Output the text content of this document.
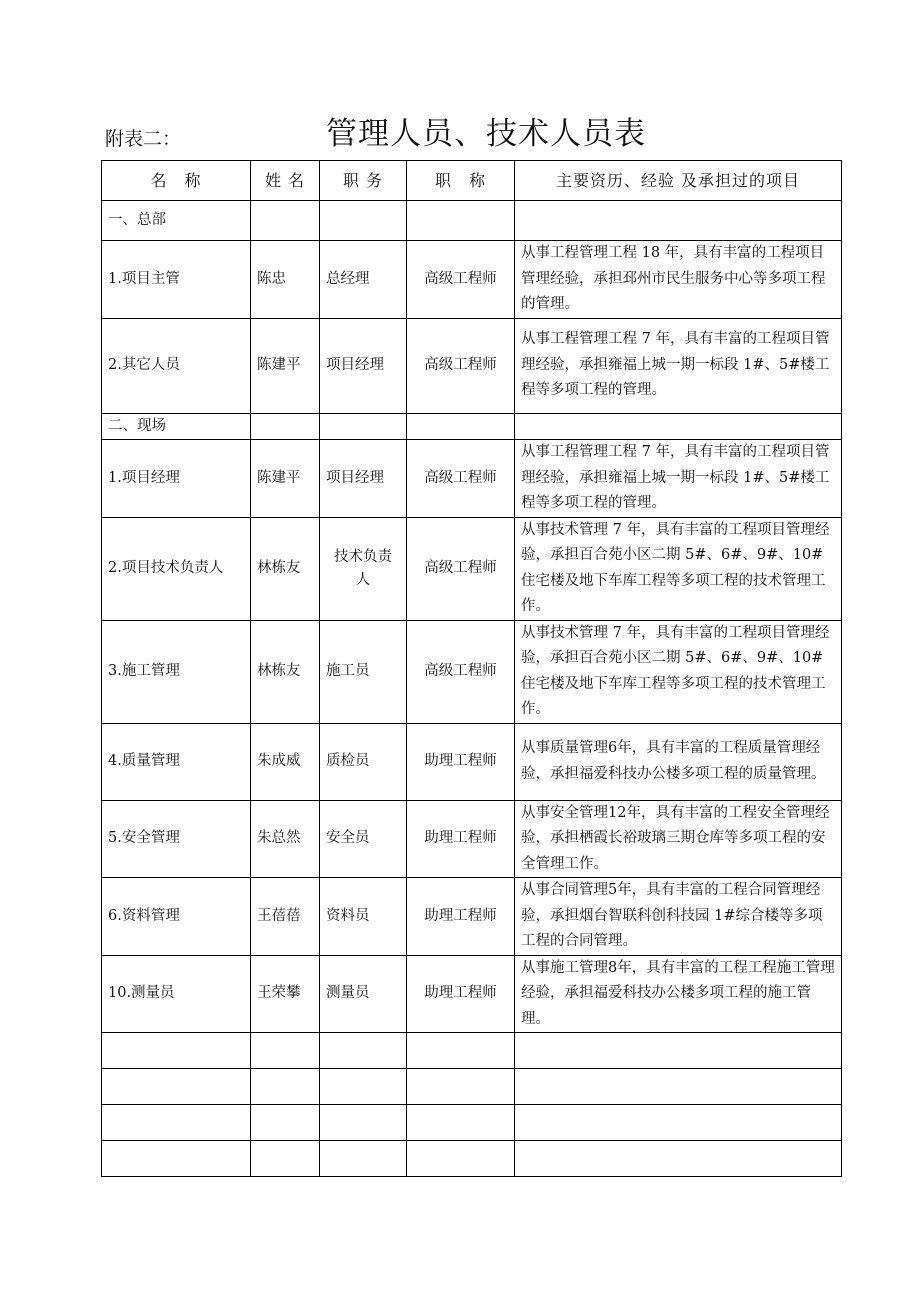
附表二：	管理人员、技术人员表
名　称	姓 名	职 务	职　称	主要资历、经验 及承担过的项目
一、总部				
1.项目主管	陈忠	总经理	高级工程师	从事工程管理工程 18 年，具有丰富的工程项目管理经验，承担邳州市民生服务中心等多项工程的管理。
2.其它人员	陈建平	项目经理	高级工程师	从事工程管理工程 7 年，具有丰富的工程项目管理经验，承担雍福上城一期一标段 1#、5#楼工程等多项工程的管理。
二、现场				
1.项目经理	陈建平	项目经理	高级工程师	从事工程管理工程 7 年，具有丰富的工程项目管理经验，承担雍福上城一期一标段 1#、5#楼工程等多项工程的管理。
2.项目技术负责人	林栋友	技术负责人	高级工程师	从事技术管理 7 年，具有丰富的工程项目管理经验，承担百合苑小区二期 5#、6#、9#、10#住宅楼及地下车库工程等多项工程的技术管理工作。
3.施工管理	林栋友	施工员	高级工程师	从事技术管理 7 年，具有丰富的工程项目管理经验，承担百合苑小区二期 5#、6#、9#、10#住宅楼及地下车库工程等多项工程的技术管理工作。
4.质量管理	朱成威	质检员	助理工程师	从事质量管理6年，具有丰富的工程质量管理经验，承担福爱科技办公楼多项工程的质量管理。
5.安全管理	朱总然	安全员	助理工程师	从事安全管理12年，具有丰富的工程安全管理经验，承担栖霞长裕玻璃三期仓库等多项工程的安全管理工作。
6.资料管理	王蓓蓓	资料员	助理工程师	从事合同管理5年，具有丰富的工程合同管理经验，承担烟台智联科创科技园 1#综合楼等多项工程的合同管理。
10.测量员	王荣攀	测量员	助理工程师	从事施工管理8年，具有丰富的工程工程施工管理经验，承担福爱科技办公楼多项工程的施工管理。
